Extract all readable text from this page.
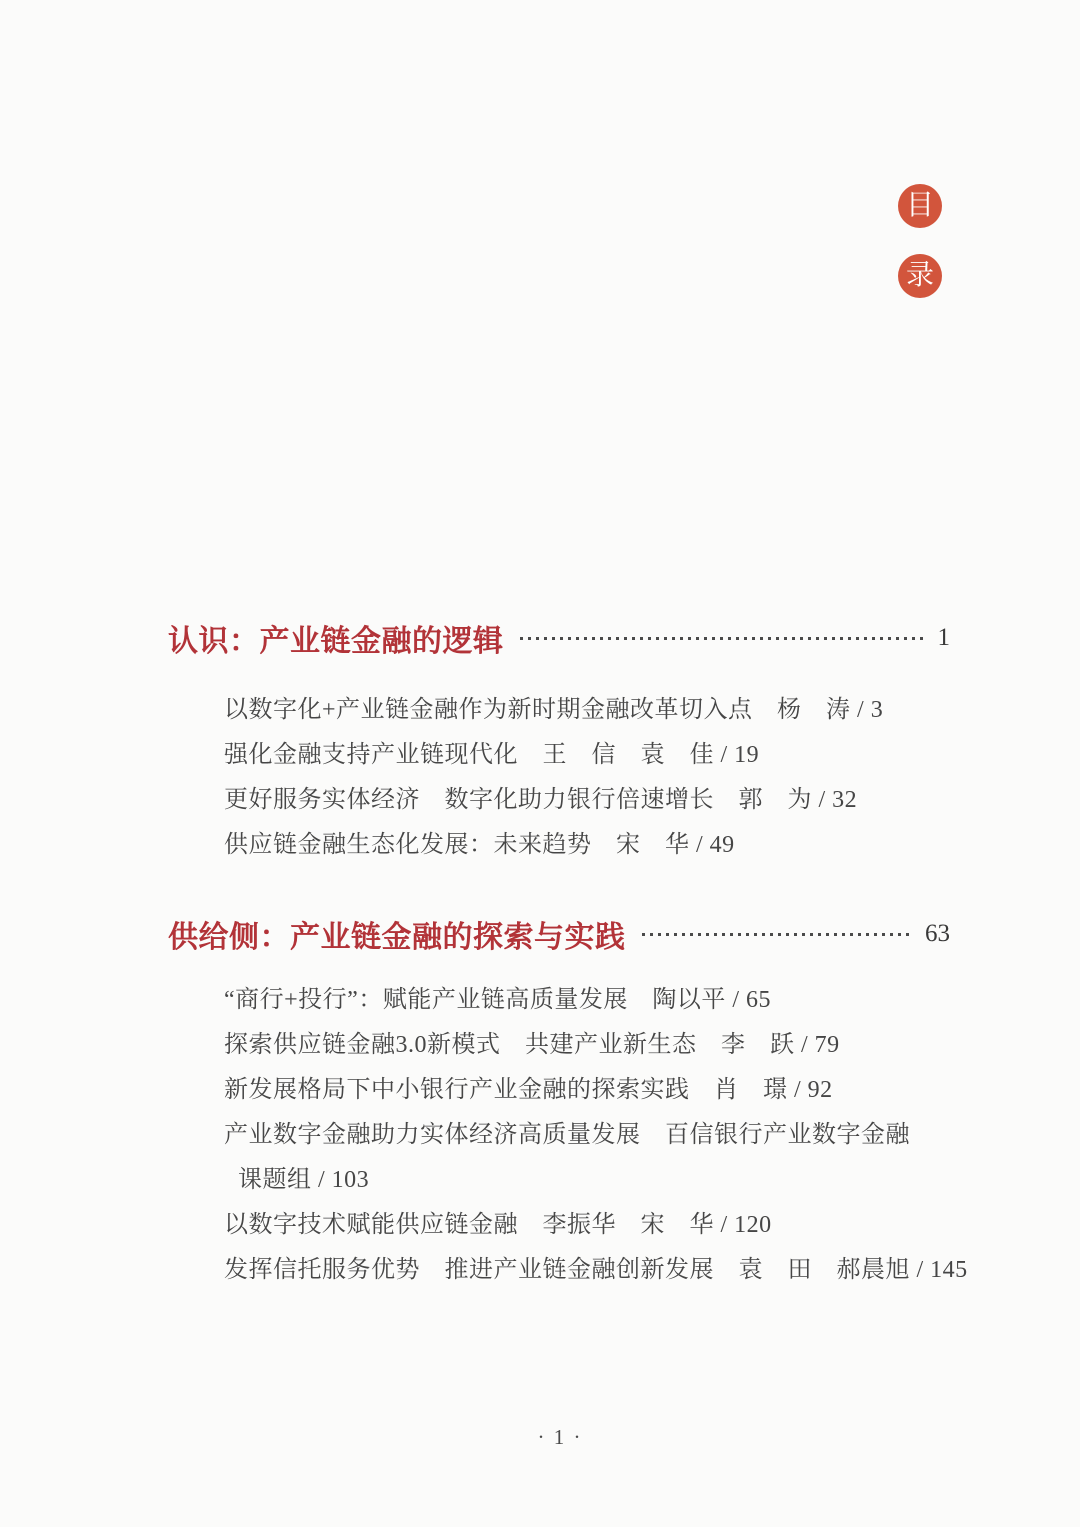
目
录
认识：产业链金融的逻辑	1
以数字化+产业链金融作为新时期金融改革切入点　杨　涛 / 3
强化金融支持产业链现代化　王　信　袁　佳 / 19
更好服务实体经济　数字化助力银行倍速增长　郭　为 / 32
供应链金融生态化发展：未来趋势　宋　华 / 49
供给侧：产业链金融的探索与实践	63
“商行+投行”：赋能产业链高质量发展　陶以平 / 65
探索供应链金融3.0新模式　共建产业新生态　李　跃 / 79
新发展格局下中小银行产业金融的探索实践　肖　璟 / 92
产业数字金融助力实体经济高质量发展　百信银行产业数字金融
课题组 / 103
以数字技术赋能供应链金融　李振华　宋　华 / 120
发挥信托服务优势　推进产业链金融创新发展　袁　田　郝晨旭 / 145
· 1 ·
